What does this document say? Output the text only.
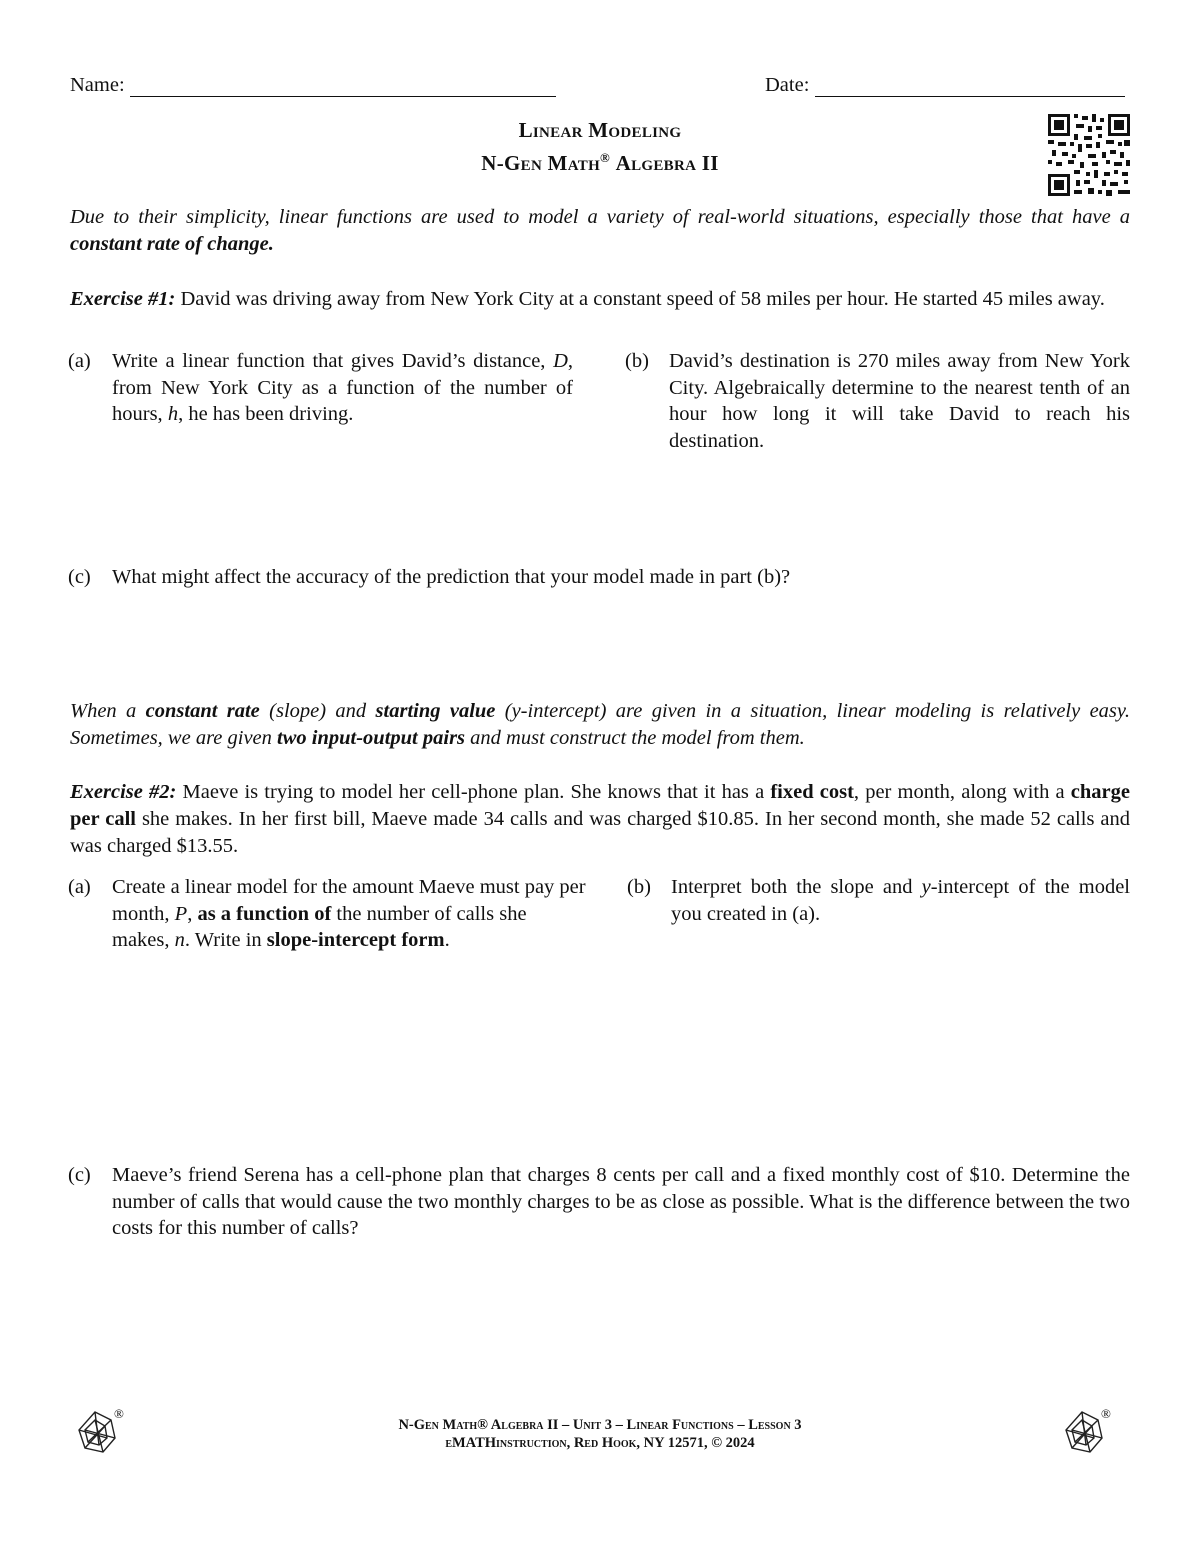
Name:	Date:
Linear Modeling
N-Gen Math® Algebra II
Due to their simplicity, linear functions are used to model a variety of real-world situations, especially those that have a constant rate of change.
Exercise #1: David was driving away from New York City at a constant speed of 58 miles per hour. He started 45 miles away.
(a)	Write a linear function that gives David’s distance, D, from New York City as a function of the number of hours, h, he has been driving.
(b) David’s destination is 270 miles away from New York City. Algebraically determine to the nearest tenth of an hour how long it will take David to reach his destination.
(c)	What might affect the accuracy of the prediction that your model made in part (b)?
When a constant rate (slope) and starting value (y-intercept) are given in a situation, linear modeling is relatively easy. Sometimes, we are given two input-output pairs and must construct the model from them.
Exercise #2: Maeve is trying to model her cell-phone plan. She knows that it has a fixed cost, per month, along with a charge per call she makes. In her first bill, Maeve made 34 calls and was charged $10.85. In her second month, she made 52 calls and was charged $13.55.
(a)	Create a linear model for the amount Maeve must pay per month, P, as a function of the number of calls she makes, n. Write in slope-intercept form.
(b) Interpret both the slope and y-intercept of the model you created in (a).
(c)	Maeve’s friend Serena has a cell-phone plan that charges 8 cents per call and a fixed monthly cost of $10. Determine the number of calls that would cause the two monthly charges to be as close as possible. What is the difference between the two costs for this number of calls?
®	®
N-Gen Math® Algebra II – Unit 3 – Linear Functions – Lesson 3
eMATHinstruction, Red Hook, NY 12571, © 2024
